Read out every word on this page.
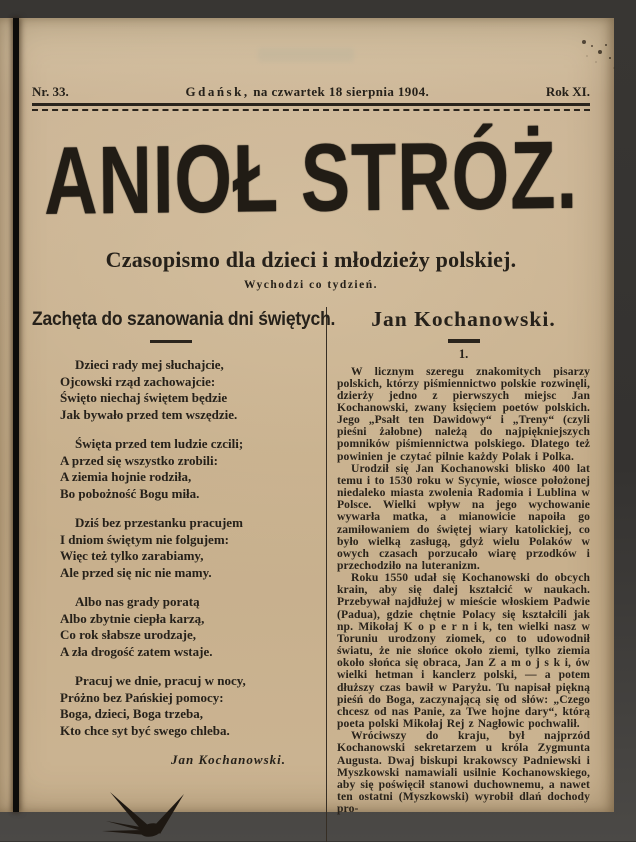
Nr. 33.	Gdańsk, na czwartek 18 sierpnia 1904.	Rok XI.
ANIOŁ STRÓŻ.
Czasopismo dla dzieci i młodzieży polskiej.
Wychodzi co tydzień.
Zachęta do szanowania dni świętych.
Dzieci rady mej słuchajcie,
Ojcowski rząd zachowajcie:
Święto niechaj świętem będzie
Jak bywało przed tem wszędzie.
Święta przed tem ludzie czcili;
A przed się wszystko zrobili:
A ziemia hojnie rodziła,
Bo pobożność Bogu miła.
Dziś bez przestanku pracujem
I dniom świętym nie folgujem:
Więc też tylko zarabiamy,
Ale przed się nic nie mamy.
Albo nas grady poratą
Albo zbytnie ciepła karzą,
Co rok słabsze urodzaje,
A zła drogość zatem wstaje.
Pracuj we dnie, pracuj w nocy,
Próżno bez Pańskiej pomocy:
Boga, dzieci, Boga trzeba,
Kto chce syt być swego chleba.
Jan Kochanowski.
Jan Kochanowski.
1.

W licznym szeregu znakomitych pisarzy polskich, którzy piśmiennictwo polskie rozwinęli, dzierży jedno z pierwszych miejsc Jan Kochanowski, zwany księciem poetów polskich. Jego „Psałt ten Dawidowy“ i „Treny“ (czyli pieśni żałobne) należą do najpiękniejszych pomników piśmiennictwa polskiego. Dlatego też powinien je czytać pilnie każdy Polak i Polka.

Urodził się Jan Kochanowski blisko 400 lat temu i to 1530 roku w Sycynie, wiosce położonej niedaleko miasta zwolenia Radomia i Lublina w Polsce. Wielki wpływ na jego wychowanie wywarła matka, a mianowicie napoiła go zamiłowaniem do świętej wiary katolickiej, co było wielką zasługą, gdyż wielu Polaków w owych czasach porzucało wiarę przodków i przechodziło na luteranizm.

Roku 1550 udał się Kochanowski do obcych krain, aby się dalej kształcić w naukach. Przebywał najdłużej w mieście włoskiem Padwie (Padua), gdzie chętnie Polacy się kształcili jak np. Mikołaj K o p e r n i k, ten wielki nasz w Toruniu urodzony ziomek, co to udowodnił światu, że nie słońce około ziemi, tylko ziemia około słońca się obraca, Jan Z a m o j s k i, ów wielki hetman i kanclerz polski, — a potem dłuższy czas bawił w Paryżu. Tu napisał piękną pieśń do Boga, zaczynającą się od słów: „Czego chcesz od nas Panie, za Twe hojne dary“, którą poeta polski Mikołaj Rej z Nagłowic pochwalił.

Wróciwszy do kraju, był najprzód Kochanowski sekretarzem u króla Zygmunta Augusta. Dwaj biskupi krakowscy Padniewski i Myszkowski namawiali usilnie Kochanowskiego, aby się poświęcił stanowi duchownemu, a nawet ten ostatni (Myszkowski) wyrobił dlań dochody pro-
